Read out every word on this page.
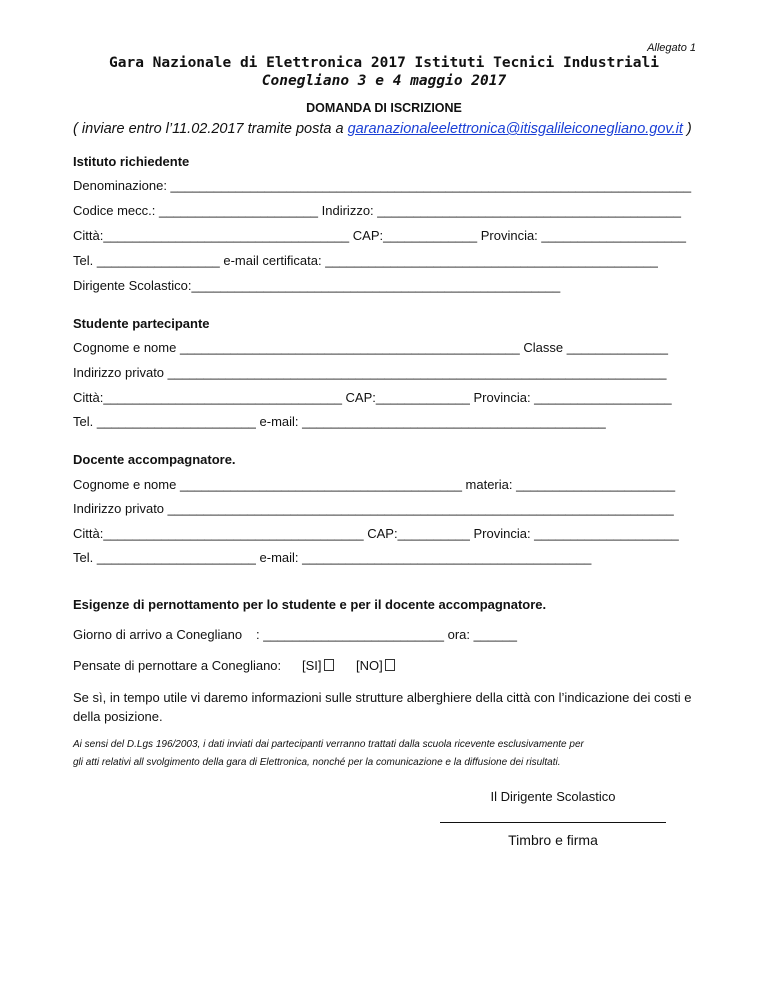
Allegato 1
Gara Nazionale di Elettronica 2017 Istituti Tecnici Industriali
Conegliano 3 e 4 maggio 2017
DOMANDA DI ISCRIZIONE
( inviare entro l’11.02.2017 tramite posta a garanazionaleelettronica@itisgalileiconegliano.gov.it )
Istituto richiedente
Denominazione: ________________________________________________________________________
Codice mecc.: ______________________ Indirizzo: __________________________________________
Città:__________________________________ CAP:_____________ Provincia: ____________________
Tel. _________________ e-mail certificata: ______________________________________________
Dirigente Scolastico:___________________________________________________
Studente partecipante
Cognome e nome _______________________________________________ Classe ______________
Indirizzo privato _____________________________________________________________________
Città:_________________________________ CAP:_____________ Provincia: ___________________
Tel. ______________________ e-mail: __________________________________________
Docente accompagnatore.
Cognome e nome _______________________________________ materia: ______________________
Indirizzo privato ______________________________________________________________________
Città:____________________________________ CAP:__________ Provincia: ____________________
Tel. ______________________ e-mail: ________________________________________
Esigenze di pernottamento per lo studente e per il docente accompagnatore.
Giorno di arrivo a Conegliano : _________________________ ora: ______
Pensate di pernottare a Conegliano: [SI]	[NO]
Se sì, in tempo utile vi daremo informazioni sulle strutture alberghiere della città con l’indicazione dei costi e della posizione.
Ai sensi del D.Lgs 196/2003, i dati inviati dai partecipanti verranno trattati dalla scuola ricevente esclusivamente per
gli atti relativi all svolgimento della gara di Elettronica, nonché per la comunicazione e la diffusione dei risultati.
Il Dirigente Scolastico
Timbro e firma
